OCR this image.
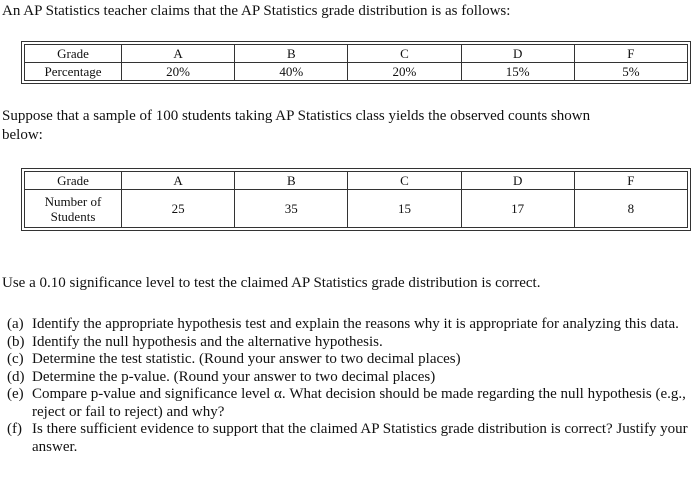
An AP Statistics teacher claims that the AP Statistics grade distribution is as follows:
Grade	A	B	C	D	F
Percentage	20%	40%	20%	15%	5%
Suppose that a sample of 100 students taking AP Statistics class yields the observed counts shown
below:
Grade	A	B	C	D	F

Number of
Students	25	35	15	17	8
Use a 0.10 significance level to test the claimed AP Statistics grade distribution is correct.
(a) Identify the appropriate hypothesis test and explain the reasons why it is appropriate for analyzing this data.
(b) Identify the null hypothesis and the alternative hypothesis.
(c) Determine the test statistic. (Round your answer to two decimal places)
(d) Determine the p-value. (Round your answer to two decimal places)
(e) Compare p-value and significance level α. What decision should be made regarding the null hypothesis (e.g., reject or fail to reject) and why?
(f) Is there sufficient evidence to support that the claimed AP Statistics grade distribution is correct? Justify your answer.
